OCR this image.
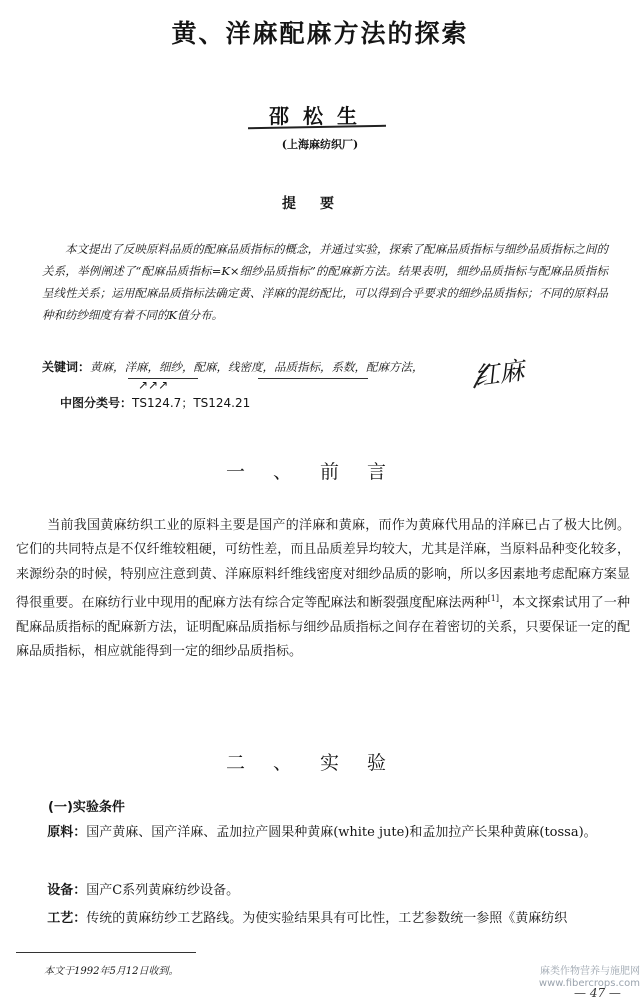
黄、洋麻配麻方法的探索
邵松生
(上海麻纺织厂)
提要
本文提出了反映原料品质的配麻品质指标的概念，并通过实验，探索了配麻品质指标与细纱品质指标之间的关系，举例阐述了“配麻品质指标=K×细纱品质指标”的配麻新方法。结果表明，细纱品质指标与配麻品质指标呈线性关系；运用配麻品质指标法确定黄、洋麻的混纺配比，可以得到合乎要求的细纱品质指标；不同的原料品种和纺纱细度有着不同的K值分布。
关键词：黄麻，洋麻，细纱，配麻，线密度，品质指标，系数，配麻方法，
↗↗↗	红麻
中图分类号：TS124.7；TS124.21
一、前言
当前我国黄麻纺织工业的原料主要是国产的洋麻和黄麻，而作为黄麻代用品的洋麻已占了极大比例。它们的共同特点是不仅纤维较粗硬，可纺性差，而且品质差异均较大，尤其是洋麻，当原料品种变化较多，来源纷杂的时候，特别应注意到黄、洋麻原料纤维线密度对细纱品质的影响，所以多因素地考虑配麻方案显得很重要。在麻纺行业中现用的配麻方法有综合定等配麻法和断裂强度配麻法两种[1]，本文探索试用了一种配麻品质指标的配麻新方法，证明配麻品质指标与细纱品质指标之间存在着密切的关系，只要保证一定的配麻品质指标，相应就能得到一定的细纱品质指标。
二、实验
(一)实验条件
原料：国产黄麻、国产洋麻、孟加拉产圆果种黄麻(white jute)和孟加拉产长果种黄麻(tossa)。
设备：国产C系列黄麻纺纱设备。
工艺：传统的黄麻纺纱工艺路线。为使实验结果具有可比性，工艺参数统一参照《黄麻纺织
本文于1992年5月12日收到。	麻类作物营养与施肥网
www.fibercrops.com
— 47 —
